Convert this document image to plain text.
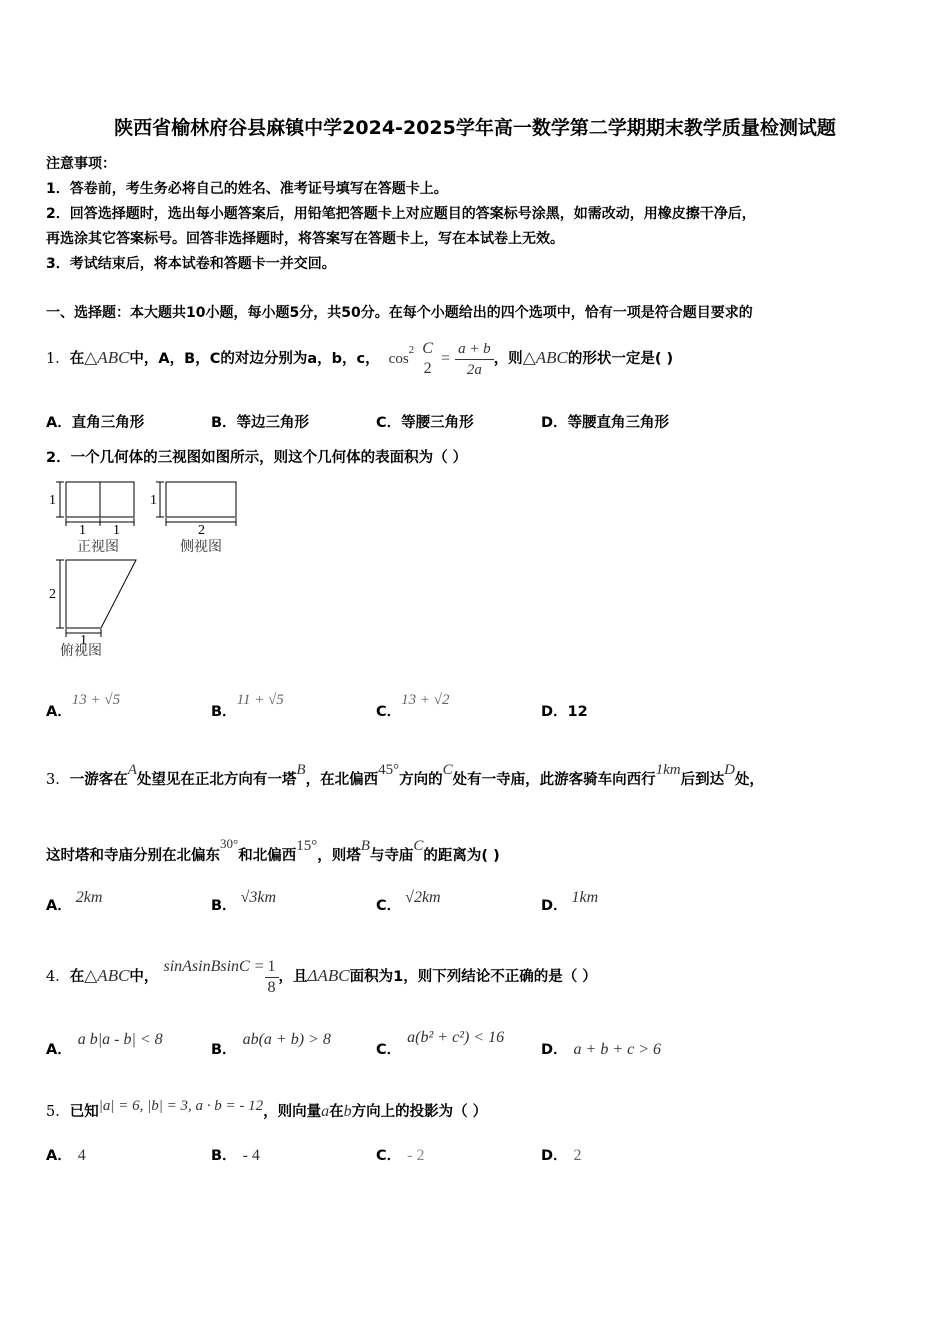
陕西省榆林府谷县麻镇中学2024-2025学年高一数学第二学期期末教学质量检测试题
注意事项：
1．答卷前，考生务必将自己的姓名、准考证号填写在答题卡上。
2．回答选择题时，选出每小题答案后，用铅笔把答题卡上对应题目的答案标号涂黑，如需改动，用橡皮擦干净后，
再选涂其它答案标号。回答非选择题时，将答案写在答题卡上，写在本试卷上无效。
3．考试结束后，将本试卷和答题卡一并交回。
一、选择题：本大题共10小题，每小题5分，共50分。在每个小题给出的四个选项中，恰有一项是符合题目要求的
1．在△ABC中，A，B，C的对边分别为a，b，c， $\cos^2 C$
2
= $\frac{a + b}{2a}$ ，则△ABC的形状一定是( )
A．直角三角形	B．等边三角形	C．等腰三角形	D．等腰直角三角形
2．一个几何体的三视图如图所示，则这个几何体的表面积为（ ）
1
1 1
1
2
2
1
正视图	侧视图
俯视图
A．13 + √5
B．11 + √5
C．13 + √2
D．12
3．一游客在$^A$处望见在正北方向有一塔$^B$，在北偏西$^{45^\circ}$方向的$^C$处有一寺庙，此游客骑车向西行$^{1km}$后到达$^D$处，
这时塔和寺庙分别在北偏东$^{30^\circ}$和北偏西$^{15^\circ}$，则塔$^B$与寺庙$^C$的距离为( )
A． 2km	B． √3km	C． √2km	D． 1km
4．在△ABC中， sinAsinBsinC = $\frac{1}{8}$ ，且ΔABC面积为1，则下列结论不正确的是（ ）
A．a b|a - b| < 8
B．ab(a + b) > 8
C．a(b² + c²) < 16
D． a + b + c > 6
5．已知|a| = 6, |b| = 3, a · b = - 12，则向量a在b方向上的投影为（ ）
A． 4	B． - 4	C． - 2	D． 2
